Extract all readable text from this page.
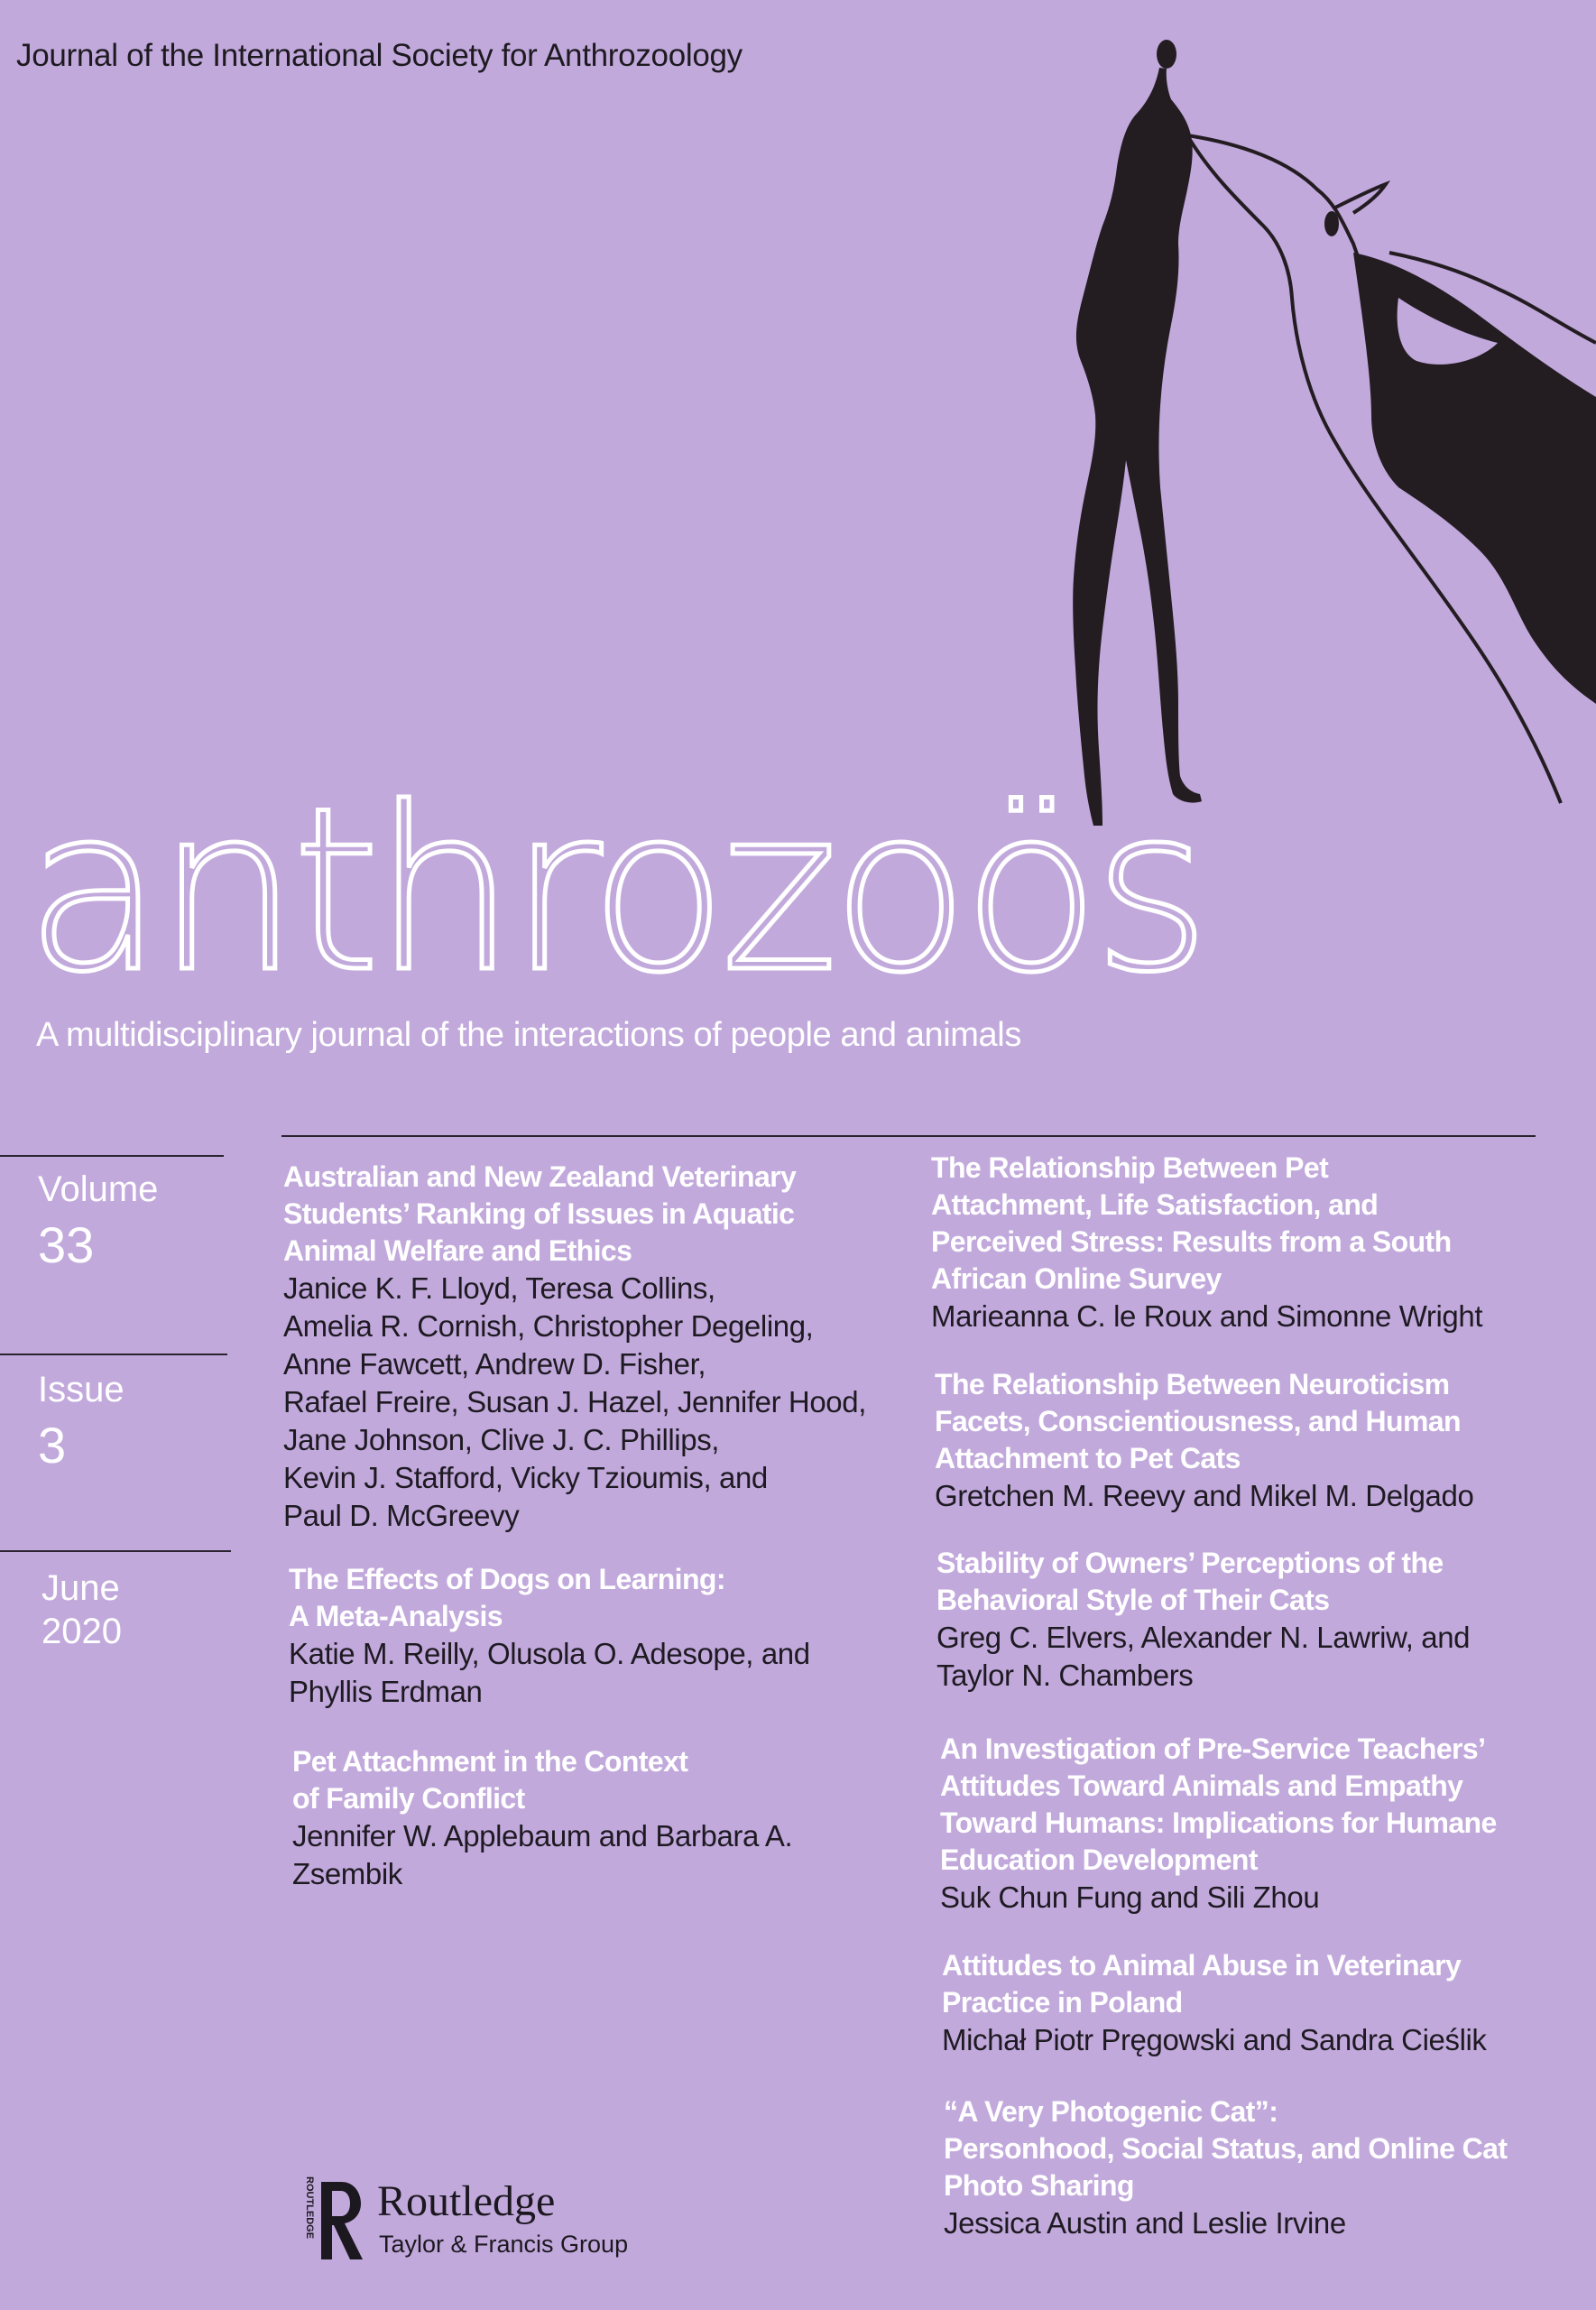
Journal of the International Society for Anthrozoology
anthrozoös
A multidisciplinary journal of the interactions of people and animals
Volume
33
Issue
3
June
2020
Australian and New Zealand Veterinary
Students’ Ranking of Issues in Aquatic
Animal Welfare and Ethics
Janice K. F. Lloyd, Teresa Collins,
Amelia R. Cornish, Christopher Degeling,
Anne Fawcett, Andrew D. Fisher,
Rafael Freire, Susan J. Hazel, Jennifer Hood,
Jane Johnson, Clive J. C. Phillips,
Kevin J. Stafford, Vicky Tzioumis, and
Paul D. McGreevy
The Effects of Dogs on Learning:
A Meta-Analysis
Katie M. Reilly, Olusola O. Adesope, and
Phyllis Erdman
Pet Attachment in the Context
of Family Conflict
Jennifer W. Applebaum and Barbara A.
Zsembik
The Relationship Between Pet
Attachment, Life Satisfaction, and
Perceived Stress: Results from a South
African Online Survey
Marieanna C. le Roux and Simonne Wright
The Relationship Between Neuroticism
Facets, Conscientiousness, and Human
Attachment to Pet Cats
Gretchen M. Reevy and Mikel M. Delgado
Stability of Owners’ Perceptions of the
Behavioral Style of Their Cats
Greg C. Elvers, Alexander N. Lawriw, and
Taylor N. Chambers
An Investigation of Pre-Service Teachers’
Attitudes Toward Animals and Empathy
Toward Humans: Implications for Humane
Education Development
Suk Chun Fung and Sili Zhou
Attitudes to Animal Abuse in Veterinary
Practice in Poland
Michał Piotr Pręgowski and Sandra Cieślik
“A Very Photogenic Cat”:
Personhood, Social Status, and Online Cat
Photo Sharing
Jessica Austin and Leslie Irvine
ROUTLEDGE Routledge
Taylor & Francis Group
